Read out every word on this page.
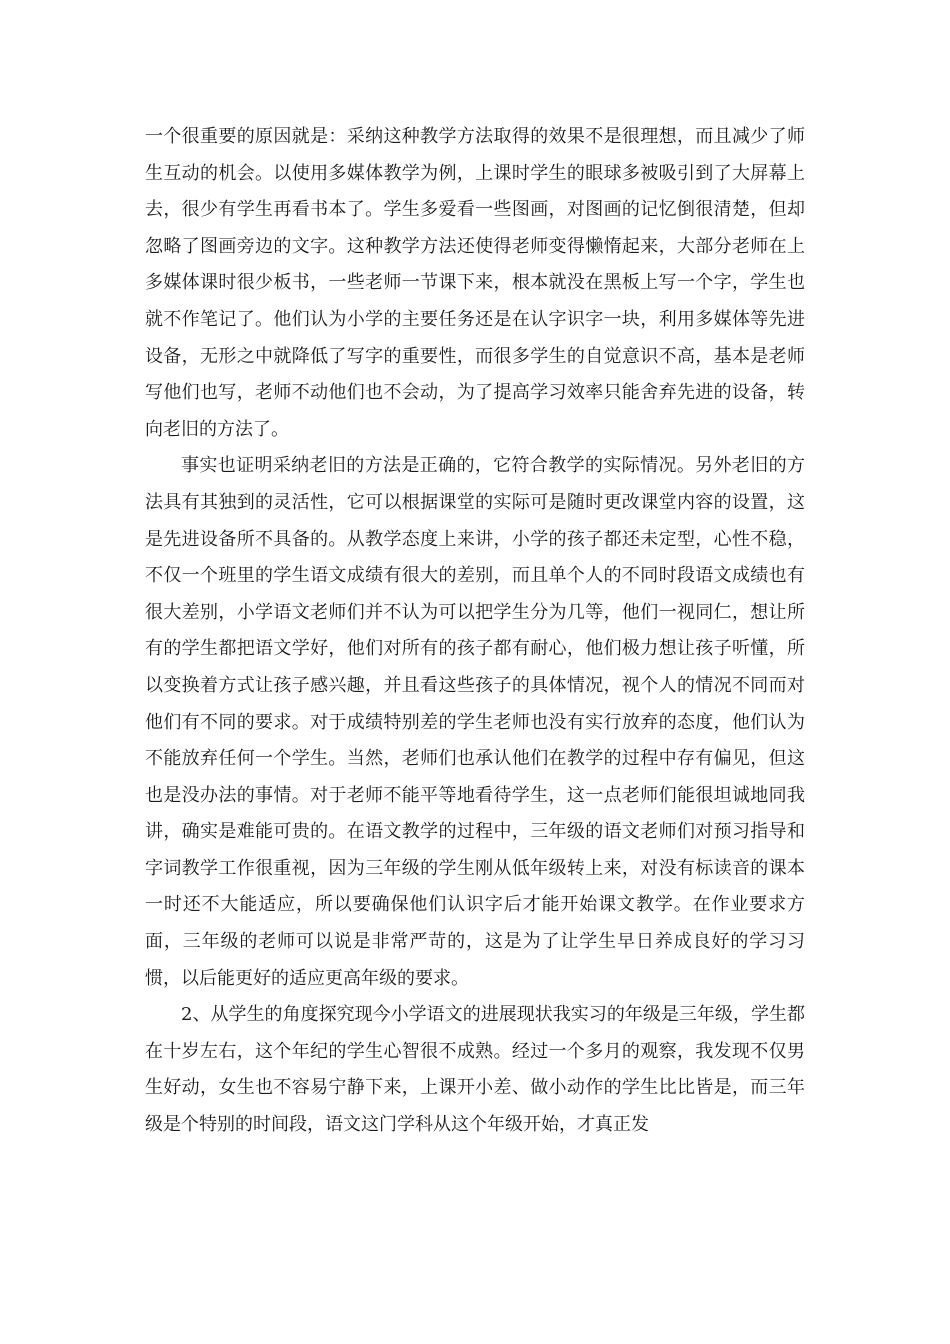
一个很重要的原因就是：采纳这种教学方法取得的效果不是很理想，而且减少了师生互动的机会。以使用多媒体教学为例，上课时学生的眼球多被吸引到了大屏幕上去，很少有学生再看书本了。学生多爱看一些图画，对图画的记忆倒很清楚，但却忽略了图画旁边的文字。这种教学方法还使得老师变得懒惰起来，大部分老师在上多媒体课时很少板书，一些老师一节课下来，根本就没在黑板上写一个字，学生也就不作笔记了。他们认为小学的主要任务还是在认字识字一块，利用多媒体等先进设备，无形之中就降低了写字的重要性，而很多学生的自觉意识不高，基本是老师写他们也写，老师不动他们也不会动，为了提高学习效率只能舍弃先进的设备，转向老旧的方法了。

事实也证明采纳老旧的方法是正确的，它符合教学的实际情况。另外老旧的方法具有其独到的灵活性，它可以根据课堂的实际可是随时更改课堂内容的设置，这是先进设备所不具备的。从教学态度上来讲，小学的孩子都还未定型，心性不稳，不仅一个班里的学生语文成绩有很大的差别，而且单个人的不同时段语文成绩也有很大差别，小学语文老师们并不认为可以把学生分为几等，他们一视同仁，想让所有的学生都把语文学好，他们对所有的孩子都有耐心，他们极力想让孩子听懂，所以变换着方式让孩子感兴趣，并且看这些孩子的具体情况，视个人的情况不同而对他们有不同的要求。对于成绩特别差的学生老师也没有实行放弃的态度，他们认为不能放弃任何一个学生。当然，老师们也承认他们在教学的过程中存有偏见，但这也是没办法的事情。对于老师不能平等地看待学生，这一点老师们能很坦诚地同我讲，确实是难能可贵的。在语文教学的过程中，三年级的语文老师们对预习指导和字词教学工作很重视，因为三年级的学生刚从低年级转上来，对没有标读音的课本一时还不大能适应，所以要确保他们认识字后才能开始课文教学。在作业要求方面，三年级的老师可以说是非常严苛的，这是为了让学生早日养成良好的学习习惯，以后能更好的适应更高年级的要求。

2、从学生的角度探究现今小学语文的进展现状我实习的年级是三年级，学生都在十岁左右，这个年纪的学生心智很不成熟。经过一个多月的观察，我发现不仅男生好动，女生也不容易宁静下来，上课开小差、做小动作的学生比比皆是，而三年级是个特别的时间段，语文这门学科从这个年级开始，才真正发
